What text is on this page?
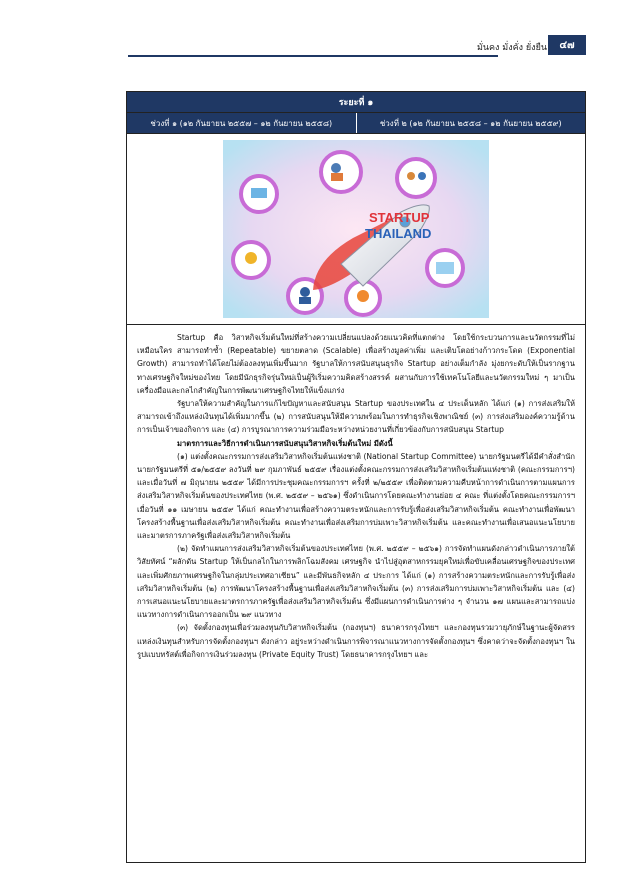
มั่นคง มั่งคั่ง ยั่งยืน	๔๗
ระยะที่ ๑
ช่วงที่ ๑ (๑๒ กันยายน ๒๕๕๗ – ๑๒ กันยายน ๒๕๕๘)	ช่วงที่ ๒ (๑๒ กันยายน ๒๕๕๘ – ๑๒ กันยายน ๒๕๕๙)
STARTUP
THAILAND

Startup คือ วิสาหกิจเริ่มต้นใหม่ที่สร้างความเปลี่ยนแปลงด้วยแนวคิดที่แตกต่าง โดยใช้กระบวนการและนวัตกรรมที่ไม่เหมือนใคร สามารถทำซ้ำ (Repeatable) ขยายตลาด (Scalable) เพื่อสร้างมูลค่าเพิ่ม และเติบโตอย่างก้าวกระโดด (Exponential Growth) สามารถทำได้โดยไม่ต้องลงทุนเพิ่มขึ้นมาก รัฐบาลให้การสนับสนุนธุรกิจ Startup อย่างเต็มกำลัง มุ่งยกระดับให้เป็นรากฐานทางเศรษฐกิจใหม่ของไทย โดยมีนักธุรกิจรุ่นใหม่เป็นผู้ริเริ่มความคิดสร้างสรรค์ ผสานกับการใช้เทคโนโลยีและนวัตกรรมใหม่ ๆ มาเป็นเครื่องมือและกลไกสำคัญในการพัฒนาเศรษฐกิจไทยให้แข็งแกร่ง

รัฐบาลให้ความสำคัญในการแก้ไขปัญหาและสนับสนุน Startup ของประเทศใน ๔ ประเด็นหลัก ได้แก่ (๑) การส่งเสริมให้สามารถเข้าถึงแหล่งเงินทุนได้เพิ่มมากขึ้น (๒) การสนับสนุนให้มีความพร้อมในการทำธุรกิจเชิงพาณิชย์ (๓) การส่งเสริมองค์ความรู้ด้านการเป็นเจ้าของกิจการ และ (๔) การบูรณาการความร่วมมือระหว่างหน่วยงานที่เกี่ยวข้องกับการสนับสนุน Startup

มาตรการและวิธีการดำเนินการสนับสนุนวิสาหกิจเริ่มต้นใหม่ มีดังนี้

(๑) แต่งตั้งคณะกรรมการส่งเสริมวิสาหกิจเริ่มต้นแห่งชาติ (National Startup Committee) นายกรัฐมนตรีได้มีคำสั่งสำนักนายกรัฐมนตรีที่ ๕๑/๒๕๕๙ ลงวันที่ ๒๙ กุมภาพันธ์ ๒๕๕๙ เรื่องแต่งตั้งคณะกรรมการส่งเสริมวิสาหกิจเริ่มต้นแห่งชาติ (คณะกรรมการฯ) และเมื่อวันที่ ๗ มิถุนายน ๒๕๕๙ ได้มีการประชุมคณะกรรมการฯ ครั้งที่ ๒/๒๕๕๙ เพื่อติดตามความคืบหน้าการดำเนินการตามแผนการส่งเสริมวิสาหกิจเริ่มต้นของประเทศไทย (พ.ศ. ๒๕๕๙ – ๒๕๖๑) ซึ่งดำเนินการโดยคณะทำงานย่อย ๔ คณะ ที่แต่งตั้งโดยคณะกรรมการฯ เมื่อวันที่ ๑๑ เมษายน ๒๕๕๙ ได้แก่ คณะทำงานเพื่อสร้างความตระหนักและการรับรู้เพื่อส่งเสริมวิสาหกิจเริ่มต้น คณะทำงานเพื่อพัฒนาโครงสร้างพื้นฐานเพื่อส่งเสริมวิสาหกิจเริ่มต้น คณะทำงานเพื่อส่งเสริมการบ่มเพาะวิสาหกิจเริ่มต้น และคณะทำงานเพื่อเสนอแนะนโยบายและมาตรการภาครัฐเพื่อส่งเสริมวิสาหกิจเริ่มต้น

(๒) จัดทำแผนการส่งเสริมวิสาหกิจเริ่มต้นของประเทศไทย (พ.ศ. ๒๕๕๙ – ๒๕๖๑) การจัดทำแผนดังกล่าวดำเนินการภายใต้วิสัยทัศน์ “ผลักดัน Startup ให้เป็นกลไกในการพลิกโฉมสังคม เศรษฐกิจ นำไปสู่อุตสาหกรรมยุคใหม่เพื่อขับเคลื่อนเศรษฐกิจของประเทศ และเพิ่มศักยภาพเศรษฐกิจในกลุ่มประเทศอาเซียน” และมีพันธกิจหลัก ๔ ประการ ได้แก่ (๑) การสร้างความตระหนักและการรับรู้เพื่อส่งเสริมวิสาหกิจเริ่มต้น (๒) การพัฒนาโครงสร้างพื้นฐานเพื่อส่งเสริมวิสาหกิจเริ่มต้น (๓) การส่งเสริมการบ่มเพาะวิสาหกิจเริ่มต้น และ (๔) การเสนอแนะนโยบายและมาตรการภาครัฐเพื่อส่งเสริมวิสาหกิจเริ่มต้น ซึ่งมีแผนการดำเนินการต่าง ๆ จำนวน ๑๗ แผนและสามารถแบ่งแนวทางการดำเนินการออกเป็น ๒๙ แนวทาง

(๓) จัดตั้งกองทุนเพื่อร่วมลงทุนกับวิสาหกิจเริ่มต้น (กองทุนฯ) ธนาคารกรุงไทยฯ และกองทุนรวมวายุภักษ์ในฐานะผู้จัดสรรแหล่งเงินทุนสำหรับการจัดตั้งกองทุนฯ ดังกล่าว อยู่ระหว่างดำเนินการพิจารณาแนวทางการจัดตั้งกองทุนฯ ซึ่งคาดว่าจะจัดตั้งกองทุนฯ ในรูปแบบทรัสต์เพื่อกิจการเงินร่วมลงทุน (Private Equity Trust) โดยธนาคารกรุงไทยฯ และ
